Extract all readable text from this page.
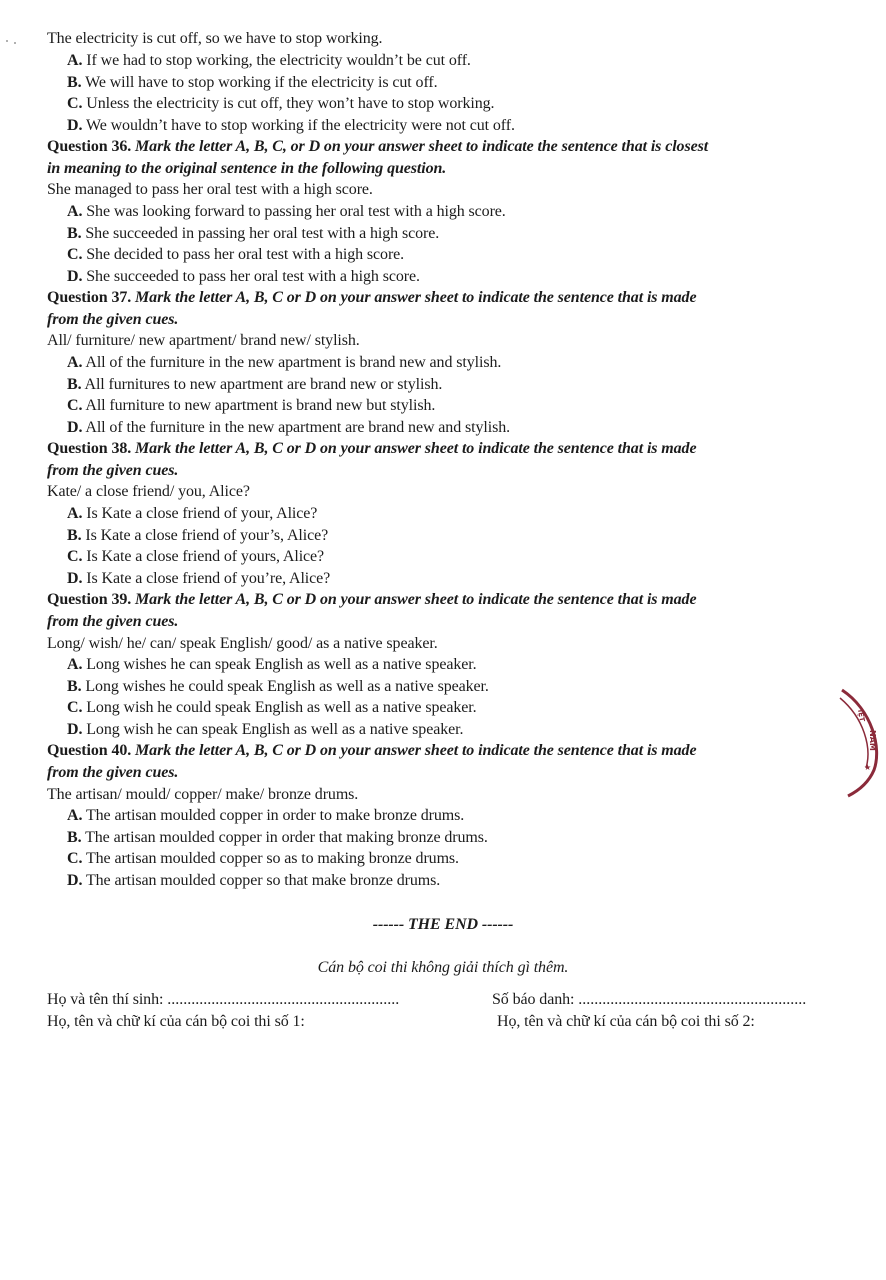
The electricity is cut off, so we have to stop working.
A. If we had to stop working, the electricity wouldn’t be cut off.
B. We will have to stop working if the electricity is cut off.
C. Unless the electricity is cut off, they won’t have to stop working.
D. We wouldn’t have to stop working if the electricity were not cut off.
Question 36. Mark the letter A, B, C, or D on your answer sheet to indicate the sentence that is closest
in meaning to the original sentence in the following question.
She managed to pass her oral test with a high score.
A. She was looking forward to passing her oral test with a high score.
B. She succeeded in passing her oral test with a high score.
C. She decided to pass her oral test with a high score.
D. She succeeded to pass her oral test with a high score.
Question 37. Mark the letter A, B, C or D on your answer sheet to indicate the sentence that is made
from the given cues.
All/ furniture/ new apartment/ brand new/ stylish.
A. All of the furniture in the new apartment is brand new and stylish.
B. All furnitures to new apartment are brand new or stylish.
C. All furniture to new apartment is brand new but stylish.
D. All of the furniture in the new apartment are brand new and stylish.
Question 38. Mark the letter A, B, C or D on your answer sheet to indicate the sentence that is made
from the given cues.
Kate/ a close friend/ you, Alice?
A. Is Kate a close friend of your, Alice?
B. Is Kate a close friend of your’s, Alice?
C. Is Kate a close friend of yours, Alice?
D. Is Kate a close friend of you’re, Alice?
Question 39. Mark the letter A, B, C or D on your answer sheet to indicate the sentence that is made
from the given cues.
Long/ wish/ he/ can/ speak English/ good/ as a native speaker.
A. Long wishes he can speak English as well as a native speaker.
B. Long wishes he could speak English as well as a native speaker.
C. Long wish he could speak English as well as a native speaker.
D. Long wish he can speak English as well as a native speaker.
Question 40. Mark the letter A, B, C or D on your answer sheet to indicate the sentence that is made
from the given cues.
The artisan/ mould/ copper/ make/ bronze drums.
A. The artisan moulded copper in order to make bronze drums.
B. The artisan moulded copper in order that making bronze drums.
C. The artisan moulded copper so as to making bronze drums.
D. The artisan moulded copper so that make bronze drums.
------ THE END ------
Cán bộ coi thi không giải thích gì thêm.
Họ và tên thí sinh: ..........................................................	Số báo danh: .........................................................
Họ, tên và chữ kí của cán bộ coi thi số 1:	Họ, tên và chữ kí của cán bộ coi thi số 2:
IỆT
NAM
★
